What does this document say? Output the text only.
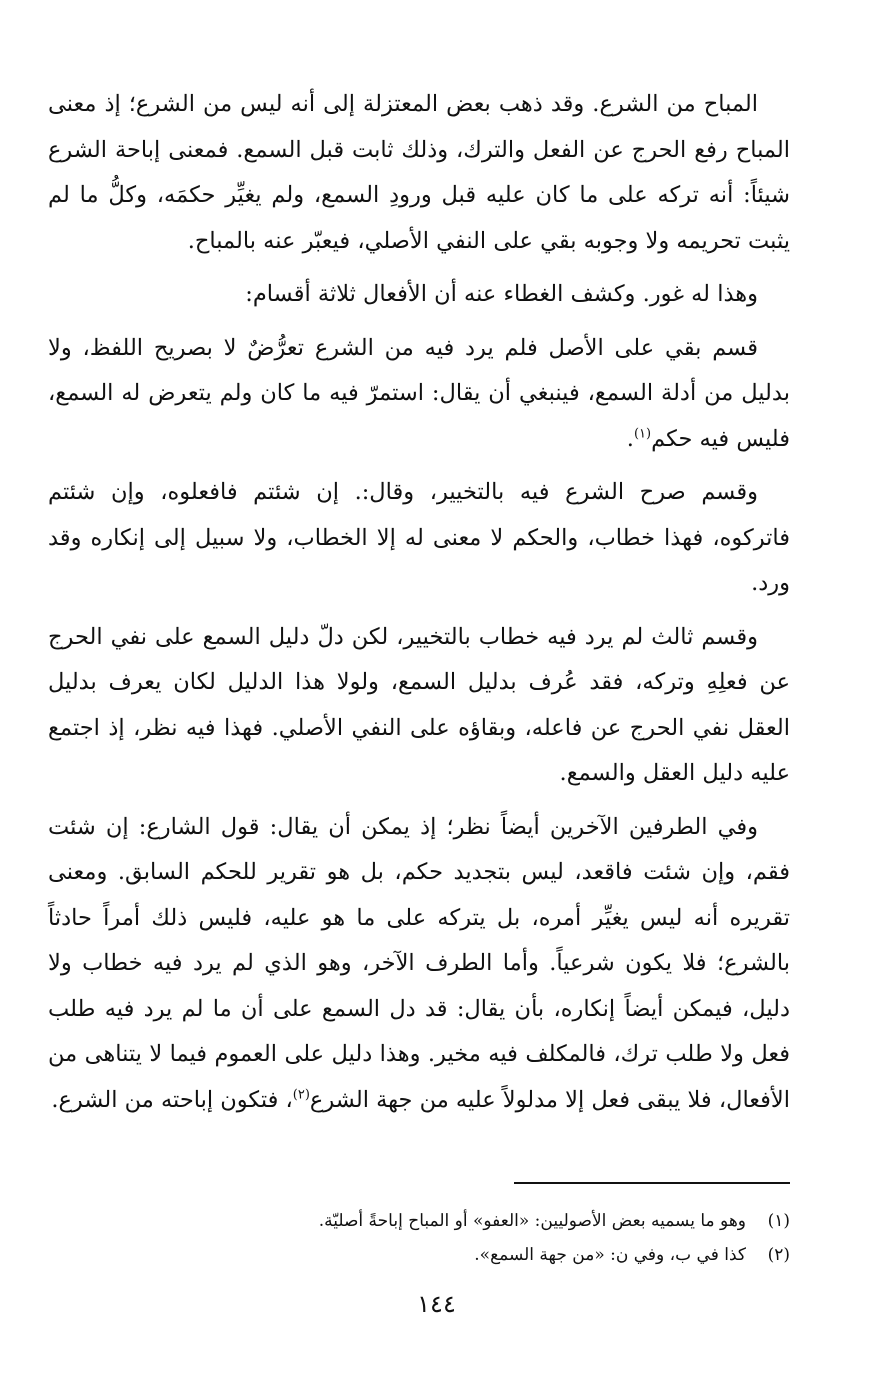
المباح من الشرع. وقد ذهب بعض المعتزلة إلى أنه ليس من الشرع؛ إذ معنى المباح رفع الحرج عن الفعل والترك، وذلك ثابت قبل السمع. فمعنى إباحة الشرع شيئاً: أنه تركه على ما كان عليه قبل ورودِ السمع، ولم يغيِّر حكمَه، وكلُّ ما لم يثبت تحريمه ولا وجوبه بقي على النفي الأصلي، فيعبّر عنه بالمباح.

وهذا له غور. وكشف الغطاء عنه أن الأفعال ثلاثة أقسام:

قسم بقي على الأصل فلم يرد فيه من الشرع تعرُّضٌ لا بصريح اللفظ، ولا بدليل من أدلة السمع، فينبغي أن يقال: استمرّ فيه ما كان ولم يتعرض له السمع، فليس فيه حكم$^{(١)}$.

وقسم صرح الشرع فيه بالتخيير، وقال:. إن شئتم فافعلوه، وإن شئتم فاتركوه، فهذا خطاب، والحكم لا معنى له إلا الخطاب، ولا سبيل إلى إنكاره وقد ورد.

وقسم ثالث لم يرد فيه خطاب بالتخيير، لكن دلّ دليل السمع على نفي الحرج عن فعلِهِ وتركه، فقد عُرف بدليل السمع، ولولا هذا الدليل لكان يعرف بدليل العقل نفي الحرج عن فاعله، وبقاؤه على النفي الأصلي. فهذا فيه نظر، إذ اجتمع عليه دليل العقل والسمع.

وفي الطرفين الآخرين أيضاً نظر؛ إذ يمكن أن يقال: قول الشارع: إن شئت فقم، وإن شئت فاقعد، ليس بتجديد حكم، بل هو تقرير للحكم السابق. ومعنى تقريره أنه ليس يغيِّر أمره، بل يتركه على ما هو عليه، فليس ذلك أمراً حادثاً بالشرع؛ فلا يكون شرعياً. وأما الطرف الآخر، وهو الذي لم يرد فيه خطاب ولا دليل، فيمكن أيضاً إنكاره، بأن يقال: قد دل السمع على أن ما لم يرد فيه طلب فعل ولا طلب ترك، فالمكلف فيه مخير. وهذا دليل على العموم فيما لا يتناهى من الأفعال، فلا يبقى فعل إلا مدلولاً عليه من جهة الشرع$^{(٢)}$، فتكون إباحته من الشرع.

(١)وهو ما يسميه بعض الأصوليين: «العفو» أو المباح إباحةً أصليّة.
(٢)كذا في ب، وفي ن: «من جهة السمع».
١٤٤
